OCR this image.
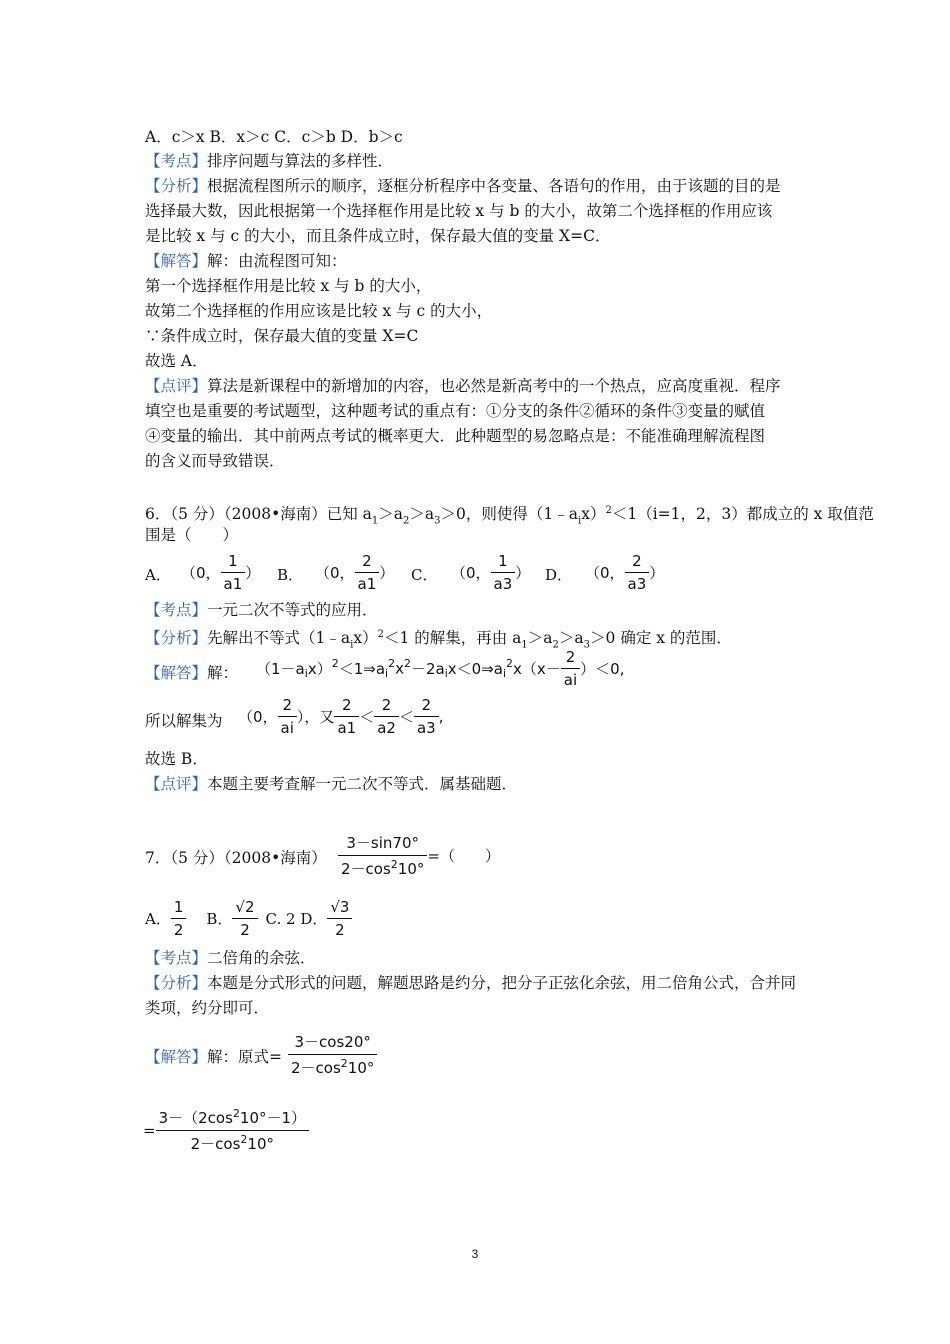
A．c＞x B．x＞c C．c＞b D．b＞c
【考点】排序问题与算法的多样性．
【分析】根据流程图所示的顺序，逐框分析程序中各变量、各语句的作用，由于该题的目的是
选择最大数，因此根据第一个选择框作用是比较 x 与 b 的大小，故第二个选择框的作用应该
是比较 x 与 c 的大小，而且条件成立时，保存最大值的变量 X=C．
【解答】解：由流程图可知：
第一个选择框作用是比较 x 与 b 的大小，
故第二个选择框的作用应该是比较 x 与 c 的大小，
∵条件成立时，保存最大值的变量 X=C
故选 A．
【点评】算法是新课程中的新增加的内容，也必然是新高考中的一个热点，应高度重视．程序
填空也是重要的考试题型，这种题考试的重点有：①分支的条件②循环的条件③变量的赋值
④变量的输出．其中前两点考试的概率更大．此种题型的易忽略点是：不能准确理解流程图
的含义而导致错误．
6．（5 分）（2008•海南）已知 $a_1>a_2>a_3>0$，则使得$(1﹣a_ix)^2<1(i=1$，2，3）都成立的 x 取值范
围是（　　）
A． （0， $\frac{1}{a1}$ ） B． （0， $\frac{2}{a1}$ ） C． （0， $\frac{1}{a3}$ ） D． （0， $\frac{2}{a3}$ ）
【考点】一元二次不等式的应用．
【分析】先解出不等式$(1﹣a_ix)^2<1$ 的解集，再由 $a_1>a_2>a_3>0$ 确定 x 的范围．
【解答】解： $(1-a_ix)^2<1\Rightarrow a_i^2x^2-2a_ix<0\Rightarrow a_i^2x(x- \frac{2}{ai} )<0$,
所以解集为 （0， $\frac{2}{ai}$ ），又 $\frac{2}{a1} < \frac{2}{a2} < \frac{2}{a3}$ ,
故选 B．
【点评】本题主要考查解一元二次不等式．属基础题．
7．（5 分）（2008•海南） $\frac{3-\sin 70^\circ}{2-\cos^210^\circ}$ =（　　）
A． $\frac{1}{2}$ B． $\frac{√2}{2} C$. 2 D． $\frac{√3}{2}$
【考点】二倍角的余弦．
【分析】本题是分式形式的问题，解题思路是约分，把分子正弦化余弦，用二倍角公式，合并同
类项，约分即可．
【解答】解：原式= $\frac{3-\cos 20^\circ}{2-\cos^210^\circ}$
= $\frac{3-(2\cos^210^\circ-1)}{2-\cos^210^\circ}$
3
